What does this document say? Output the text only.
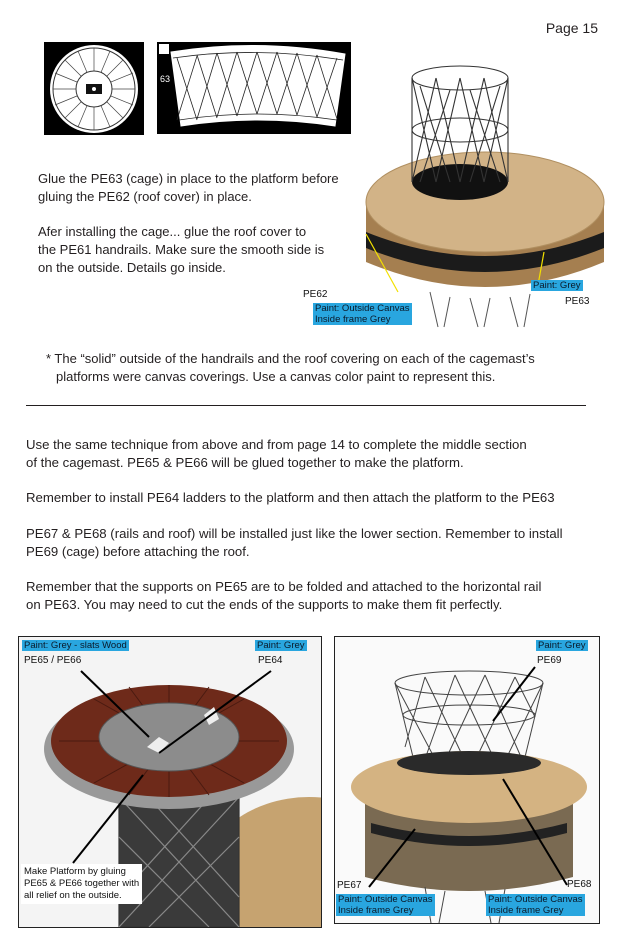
Page 15
63
Glue the PE63 (cage) in place to the platform before
gluing the PE62 (roof cover) in place.
Afer installing the cage... glue the roof cover to
the PE61 handrails. Make sure the smooth side is
on the outside. Details go inside.
Paint: Grey
PE63
PE62
Paint: Outside Canvas
Inside frame Grey
* The “solid” outside of the handrails and the roof covering on each of the cagemast’s
platforms were canvas coverings. Use a canvas color paint to represent this.
Use the same technique from above and from page 14 to complete the middle section
of the cagemast. PE65 & PE66 will be glued together to make the platform.
Remember to install PE64 ladders to the platform and then attach the platform to the PE63
PE67 & PE68 (rails and roof) will be installed just like the lower section. Remember to install
PE69 (cage) before attaching the roof.
Remember that the supports on PE65 are to be folded and attached to the horizontal rail
on PE63. You may need to cut the ends of the supports to make them fit perfectly.
Paint: Grey - slats Wood
PE65 / PE66
Paint: Grey
PE64
Make Platform by gluing
PE65 & PE66 together with
all relief on the outside.
Paint: Grey
PE69
PE67	PE68
Paint: Outside Canvas
Inside frame Grey
Paint: Outside Canvas
Inside frame Grey
